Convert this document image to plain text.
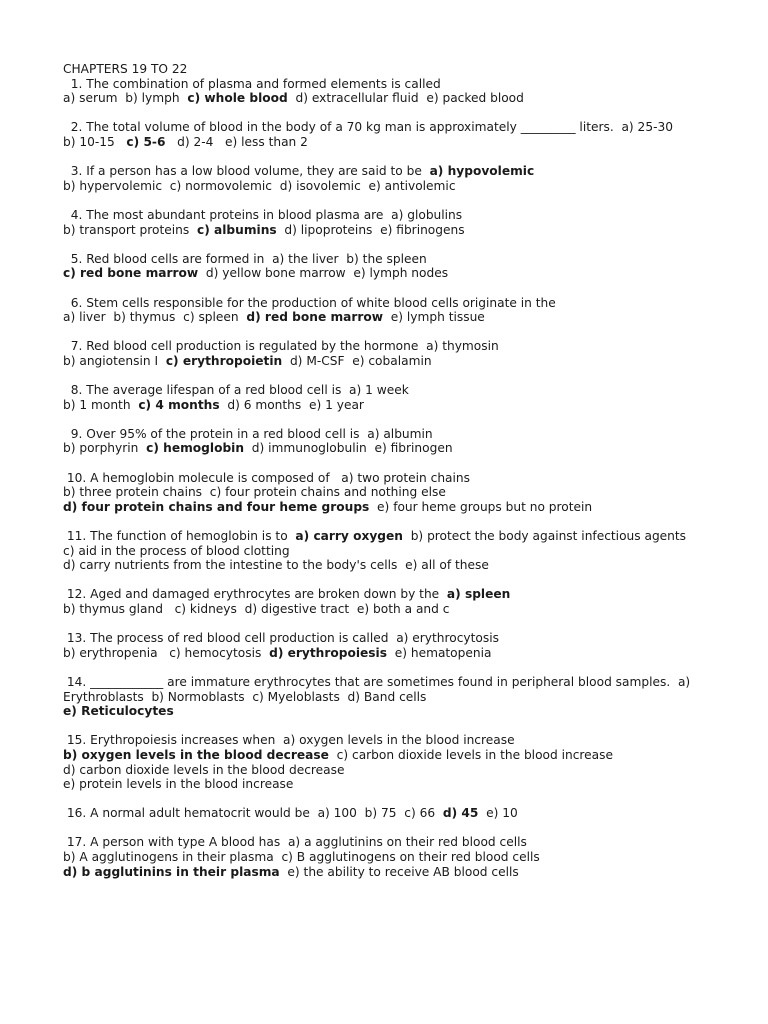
CHAPTERS 19 TO 22
1. The combination of plasma and formed elements is called
a) serum  b) lymph  c) whole blood  d) extracellular fluid  e) packed blood
2. The total volume of blood in the body of a 70 kg man is approximately _________ liters.  a) 25-30
b) 10-15   c) 5-6   d) 2-4   e) less than 2
3. If a person has a low blood volume, they are said to be  a) hypovolemic
b) hypervolemic  c) normovolemic  d) isovolemic  e) antivolemic
4. The most abundant proteins in blood plasma are  a) globulins
b) transport proteins  c) albumins  d) lipoproteins  e) fibrinogens
5. Red blood cells are formed in  a) the liver  b) the spleen
c) red bone marrow  d) yellow bone marrow  e) lymph nodes
6. Stem cells responsible for the production of white blood cells originate in the
a) liver  b) thymus  c) spleen  d) red bone marrow  e) lymph tissue
7. Red blood cell production is regulated by the hormone  a) thymosin
b) angiotensin I  c) erythropoietin  d) M-CSF  e) cobalamin
8. The average lifespan of a red blood cell is  a) 1 week
b) 1 month  c) 4 months  d) 6 months  e) 1 year
9. Over 95% of the protein in a red blood cell is  a) albumin
b) porphyrin  c) hemoglobin  d) immunoglobulin  e) fibrinogen
10. A hemoglobin molecule is composed of   a) two protein chains
b) three protein chains  c) four protein chains and nothing else
d) four protein chains and four heme groups  e) four heme groups but no protein
11. The function of hemoglobin is to  a) carry oxygen  b) protect the body against infectious agents
c) aid in the process of blood clotting
d) carry nutrients from the intestine to the body's cells  e) all of these
12. Aged and damaged erythrocytes are broken down by the  a) spleen
b) thymus gland   c) kidneys  d) digestive tract  e) both a and c
13. The process of red blood cell production is called  a) erythrocytosis
b) erythropenia   c) hemocytosis  d) erythropoiesis  e) hematopenia
14. ____________ are immature erythrocytes that are sometimes found in peripheral blood samples.  a)
Erythroblasts  b) Normoblasts  c) Myeloblasts  d) Band cells
e) Reticulocytes
15. Erythropoiesis increases when  a) oxygen levels in the blood increase
b) oxygen levels in the blood decrease  c) carbon dioxide levels in the blood increase
d) carbon dioxide levels in the blood decrease
e) protein levels in the blood increase
16. A normal adult hematocrit would be  a) 100  b) 75  c) 66  d) 45  e) 10
17. A person with type A blood has  a) a agglutinins on their red blood cells
b) A agglutinogens in their plasma  c) B agglutinogens on their red blood cells
d) b agglutinins in their plasma  e) the ability to receive AB blood cells
